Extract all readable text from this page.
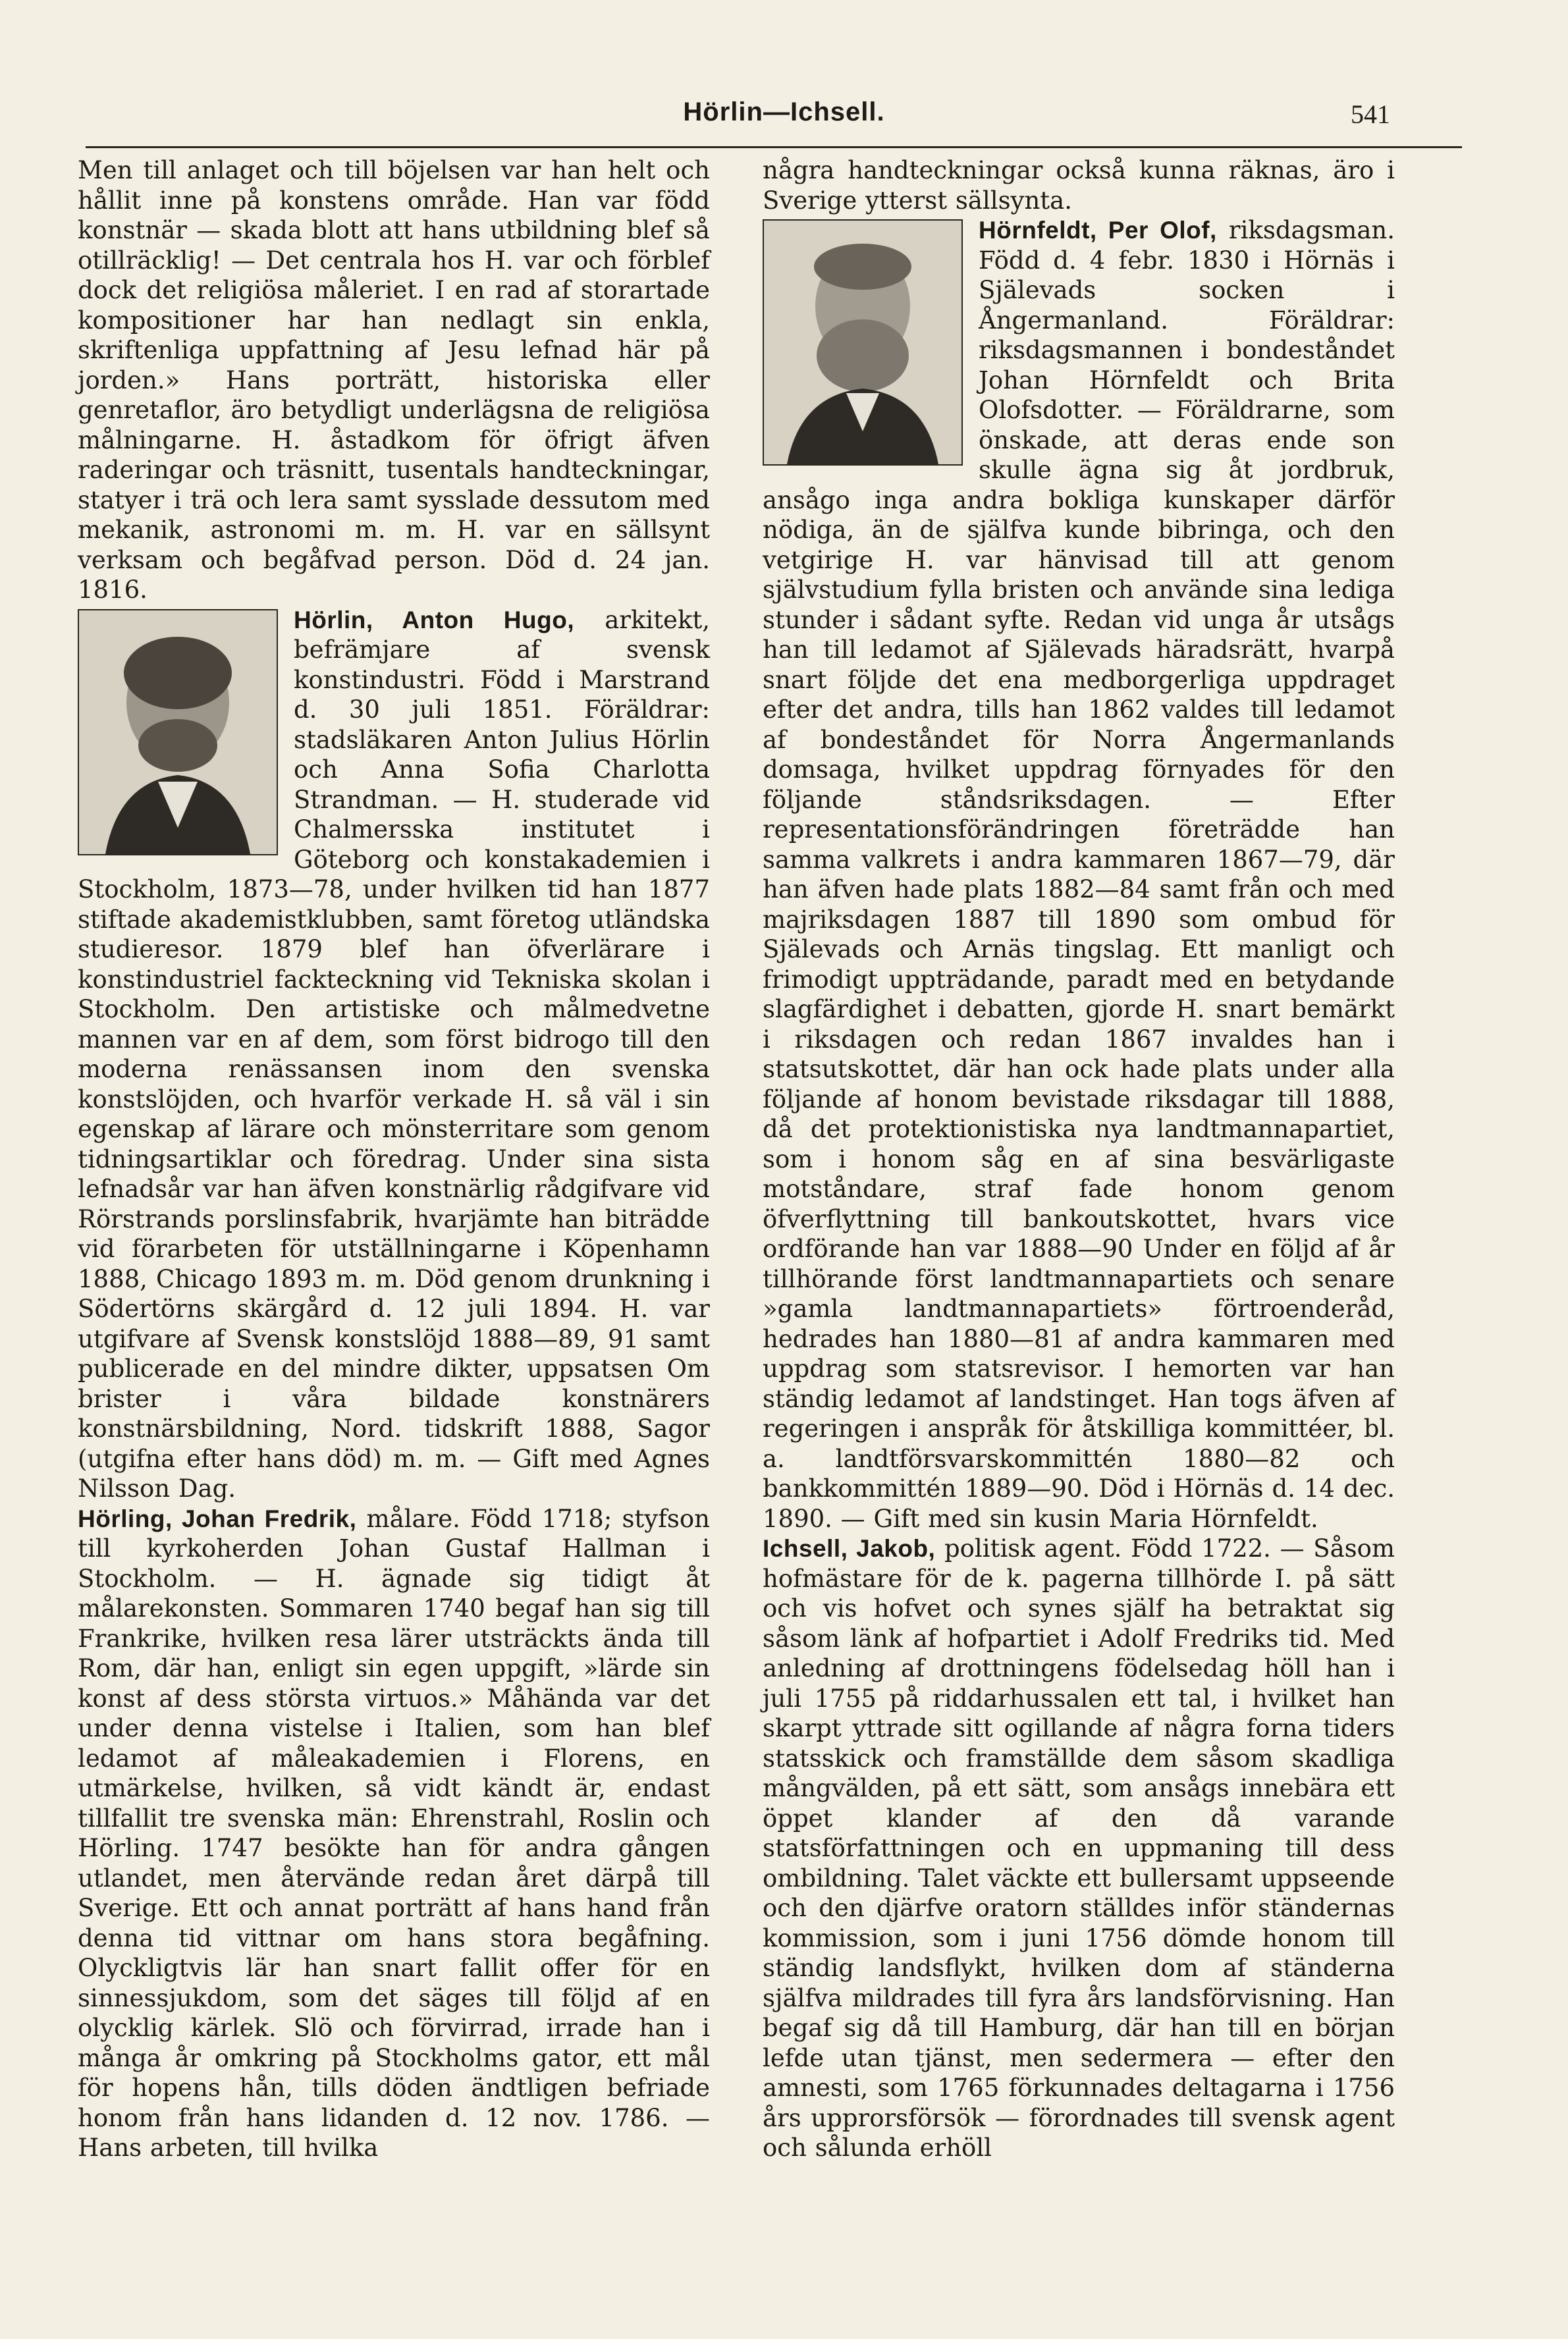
Hörlin—Ichsell.	541

Men till anlaget och till böjelsen var han helt och hållit inne på konstens område. Han var född konstnär — skada blott att hans utbildning blef så otillräcklig! — Det centrala hos H. var och förblef dock det religiösa måleriet. I en rad af storartade kompositioner har han nedlagt sin enkla, skriftenliga uppfattning af Jesu lefnad här på jorden.» Hans porträtt, historiska eller genretaflor, äro betydligt underlägsna de religiösa målningarne. H. åstadkom för öfrigt äfven raderingar och träsnitt, tusentals handteckningar, statyer i trä och lera samt sysslade dessutom med mekanik, astronomi m. m. H. var en sällsynt verksam och begåfvad person. Död d. 24 jan. 1816.

Hörlin, Anton Hugo,
arkitekt, befrämjare af svensk konstindustri. Född i Marstrand d. 30 juli 1851. Föräldrar: stadsläkaren Anton Julius Hörlin och Anna Sofia Charlotta Strandman. — H. studerade vid Chalmersska institutet i Göteborg och konstakademien i Stockholm, 1873—78, under hvilken tid han 1877 stiftade akademistklubben, samt företog utländska studieresor. 1879 blef han öfverlärare i konstindustriel fackteckning vid Tekniska skolan i Stockholm. Den artistiske och målmedvetne mannen var en af dem, som först bidrogo till den moderna renässansen inom den svenska konstslöjden, och hvarför verkade H. så väl i sin egenskap af lärare och mönsterritare som genom tidningsartiklar och föredrag. Under sina sista lefnadsår var han äfven konstnärlig rådgifvare vid Rörstrands porslinsfabrik, hvarjämte han biträdde vid förarbeten för utställningarne i Köpenhamn 1888, Chicago 1893 m. m. Död genom drunkning i Södertörns skärgård d. 12 juli 1894. H. var utgifvare af Svensk konstslöjd 1888—89, 91 samt publicerade en del mindre dikter, uppsatsen Om brister i våra bildade konstnärers konstnärsbildning, Nord. tidskrift 1888, Sagor (utgifna efter hans död) m. m. — Gift med Agnes Nilsson Dag.

Hörling, Johan Fredrik, målare. Född 1718; styfson till kyrkoherden Johan Gustaf Hallman i Stockholm. — H. ägnade sig tidigt åt målarekonsten. Sommaren 1740 begaf han sig till Frankrike, hvilken resa lärer utsträckts ända till Rom, där han, enligt sin egen uppgift, »lärde sin konst af dess största virtuos.» Måhända var det under denna vistelse i Italien, som han blef ledamot af måleakademien i Florens, en utmärkelse, hvilken, så vidt kändt är, endast tillfallit tre svenska män: Ehrenstrahl, Roslin och Hörling. 1747 besökte han för andra gången utlandet, men återvände redan året därpå till Sverige. Ett och annat porträtt af hans hand från denna tid vittnar om hans stora begåfning. Olyckligtvis lär han snart fallit offer för en sinnessjukdom, som det säges till följd af en olycklig kärlek. Slö och förvirrad, irrade han i många år omkring på Stockholms gator, ett mål för hopens hån, tills döden ändtligen befriade honom från hans lidanden d. 12 nov. 1786. — Hans arbeten, till hvilka

några handteckningar också kunna räknas, äro i Sverige ytterst sällsynta.

Hörnfeldt, Per Olof,
riksdagsman. Född d. 4 febr. 1830 i Hörnäs i Själevads socken i Ångermanland. Föräldrar: riksdagsmannen i bondeståndet Johan Hörnfeldt och Brita Olofsdotter. — Föräldrarne, som önskade, att deras ende son skulle ägna sig åt jordbruk, ansågo inga andra bokliga kunskaper därför nödiga, än de själfva kunde bibringa, och den vetgirige H. var hänvisad till att genom självstudium fylla bristen och använde sina lediga stunder i sådant syfte. Redan vid unga år utsågs han till ledamot af Själevads häradsrätt, hvarpå snart följde det ena medborgerliga uppdraget efter det andra, tills han 1862 valdes till ledamot af bondeståndet för Norra Ångermanlands domsaga, hvilket uppdrag förnyades för den följande ståndsriksdagen. — Efter representationsförändringen företrädde han samma valkrets i andra kammaren 1867—79, där han äfven hade plats 1882—84 samt från och med majriksdagen 1887 till 1890 som ombud för Själevads och Arnäs tingslag. Ett manligt och frimodigt uppträdande, paradt med en betydande slagfärdighet i debatten, gjorde H. snart bemärkt i riksdagen och redan 1867 invaldes han i statsutskottet, där han ock hade plats under alla följande af honom bevistade riksdagar till 1888, då det protektionistiska nya landtmannapartiet, som i honom såg en af sina besvärligaste motståndare, straf fade honom genom öfverflyttning till bankoutskottet, hvars vice ordförande han var 1888—90 Under en följd af år tillhörande först landtmannapartiets och senare »gamla landtmannapartiets» förtroenderåd, hedrades han 1880—81 af andra kammaren med uppdrag som statsrevisor. I hemorten var han ständig ledamot af landstinget. Han togs äfven af regeringen i anspråk för åtskilliga kommittéer, bl. a. landtförsvarskommittén 1880—82 och bankkommittén 1889—90. Död i Hörnäs d. 14 dec. 1890. — Gift med sin kusin Maria Hörnfeldt.

Ichsell, Jakob, politisk agent. Född 1722. — Såsom hofmästare för de k. pagerna tillhörde I. på sätt och vis hofvet och synes själf ha betraktat sig såsom länk af hofpartiet i Adolf Fredriks tid. Med anledning af drottningens födelsedag höll han i juli 1755 på riddarhussalen ett tal, i hvilket han skarpt yttrade sitt ogillande af några forna tiders statsskick och framställde dem såsom skadliga mångvälden, på ett sätt, som ansågs innebära ett öppet klander af den då varande statsförfattningen och en uppmaning till dess ombildning. Talet väckte ett bullersamt uppseende och den djärfve oratorn ställdes inför ständernas kommission, som i juni 1756 dömde honom till ständig landsflykt, hvilken dom af ständerna själfva mildrades till fyra års landsförvisning. Han begaf sig då till Hamburg, där han till en början lefde utan tjänst, men sedermera — efter den amnesti, som 1765 förkunnades deltagarna i 1756 års upprorsförsök — förordnades till svensk agent och sålunda erhöll
